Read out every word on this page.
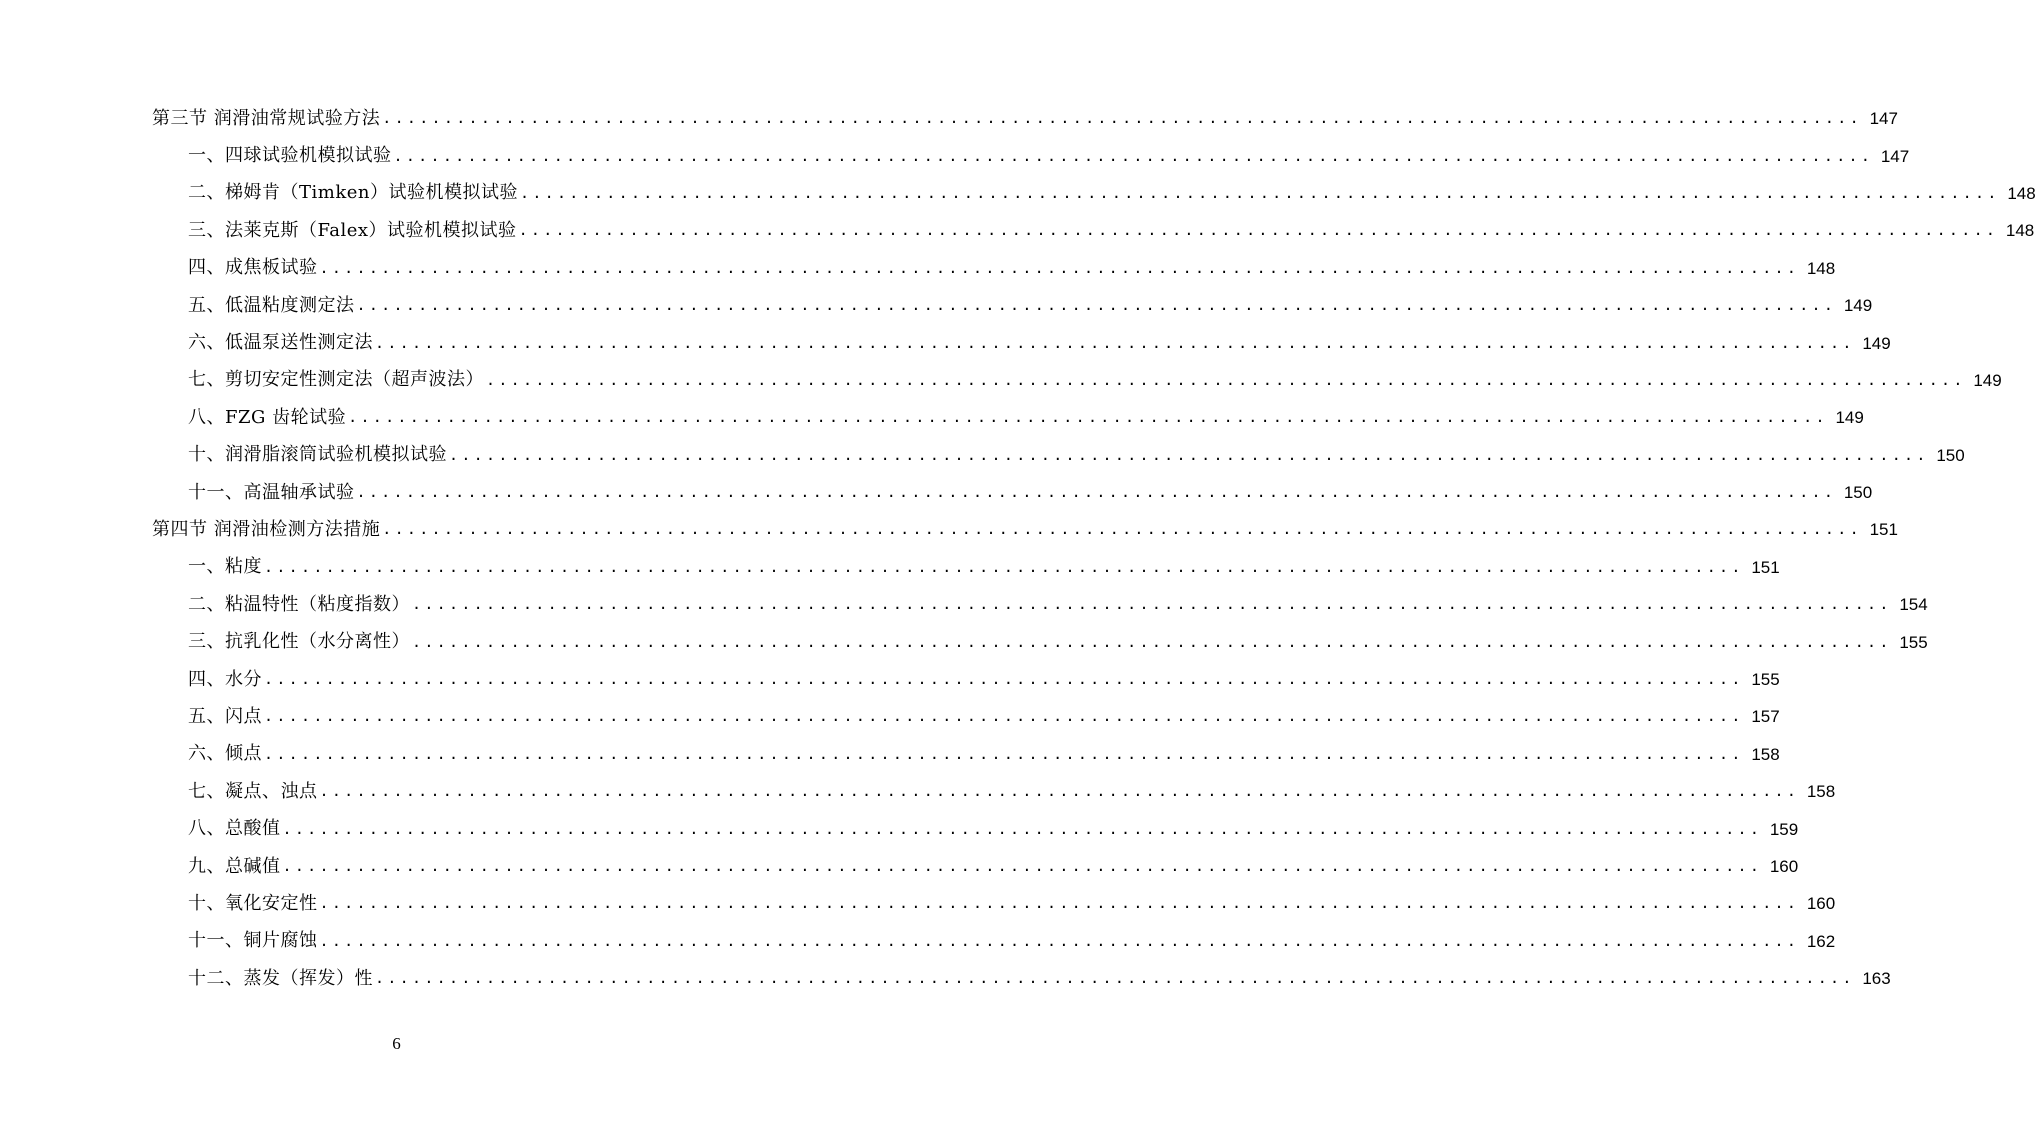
第三节 润滑油常规试验方法 ........................................................................................................................ 147
一、四球试验机模拟试验 ........................................................................................................................ 147
二、梯姆肯（Timken）试验机模拟试验 ........................................................................................................................ 148
三、法莱克斯（Falex）试验机模拟试验 ........................................................................................................................ 148
四、成焦板试验 ........................................................................................................................ 148
五、低温粘度测定法 ........................................................................................................................ 149
六、低温泵送性测定法 ........................................................................................................................ 149
七、剪切安定性测定法（超声波法） ........................................................................................................................ 149
八、FZG 齿轮试验 ........................................................................................................................ 149
十、润滑脂滚筒试验机模拟试验 ........................................................................................................................ 150
十一、高温轴承试验 ........................................................................................................................ 150
第四节 润滑油检测方法措施 ........................................................................................................................ 151
一、粘度 ........................................................................................................................ 151
二、粘温特性（粘度指数） ........................................................................................................................ 154
三、抗乳化性（水分离性） ........................................................................................................................ 155
四、水分 ........................................................................................................................ 155
五、闪点 ........................................................................................................................ 157
六、倾点 ........................................................................................................................ 158
七、凝点、浊点 ........................................................................................................................ 158
八、总酸值 ........................................................................................................................ 159
九、总碱值 ........................................................................................................................ 160
十、氧化安定性 ........................................................................................................................ 160
十一、铜片腐蚀 ........................................................................................................................ 162
十二、蒸发（挥发）性 ........................................................................................................................ 163
6
